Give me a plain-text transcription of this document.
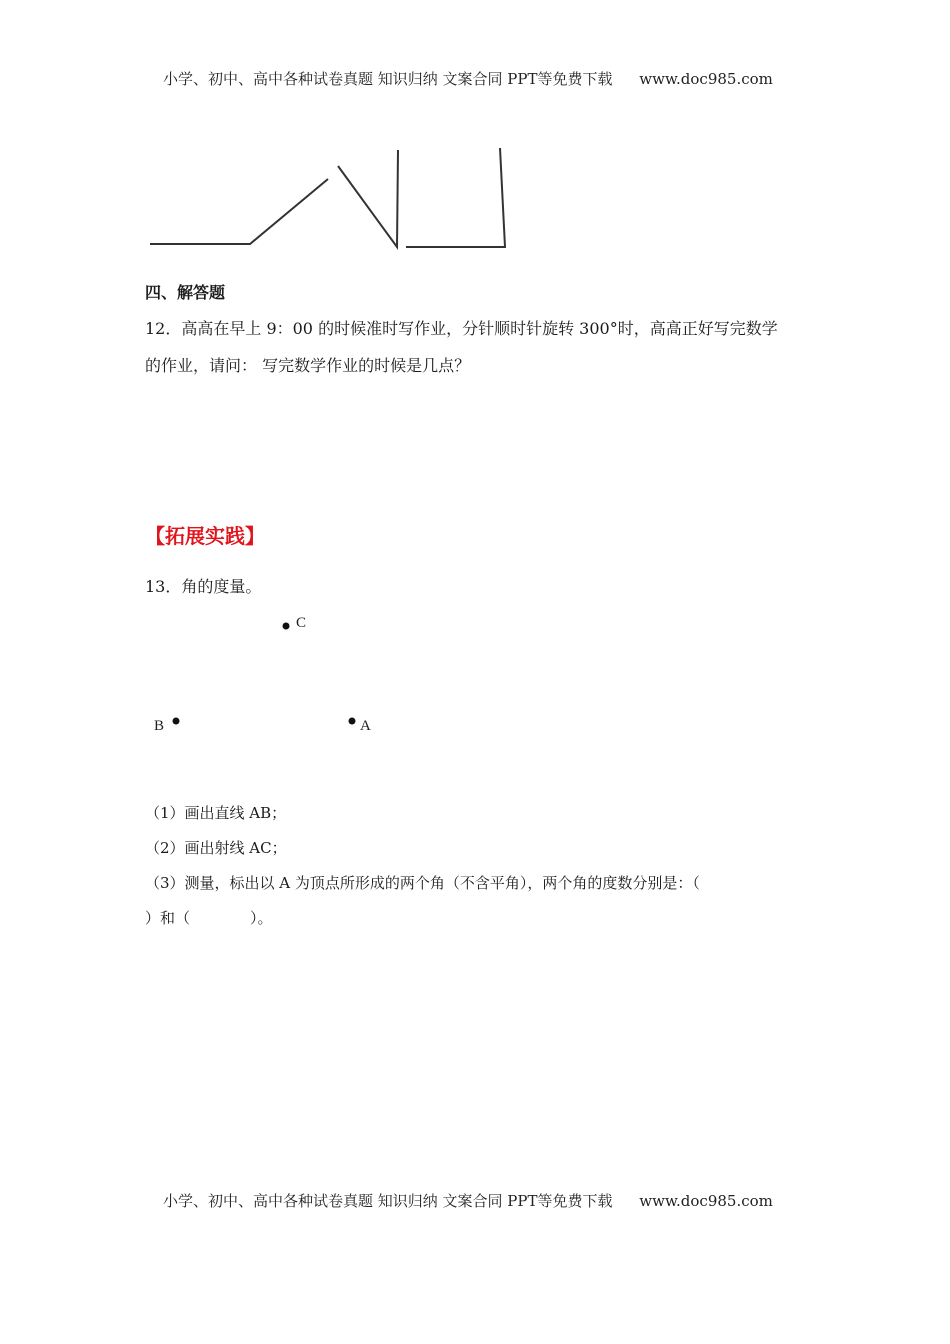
小学、初中、高中各种试卷真题 知识归纳 文案合同 PPT等免费下载 www.doc985.com
四、解答题
12．高高在早上 9：00 的时候准时写作业，分针顺时针旋转 300°时，高高正好写完数学
的作业，请问： 写完数学作业的时候是几点？
【拓展实践】
13．角的度量。
C
B	A
（1）画出直线 AB；
（2）画出射线 AC；
（3）测量，标出以 A 为顶点所形成的两个角（不含平角），两个角的度数分别是：（
）和（	）。
小学、初中、高中各种试卷真题 知识归纳 文案合同 PPT等免费下载 www.doc985.com
